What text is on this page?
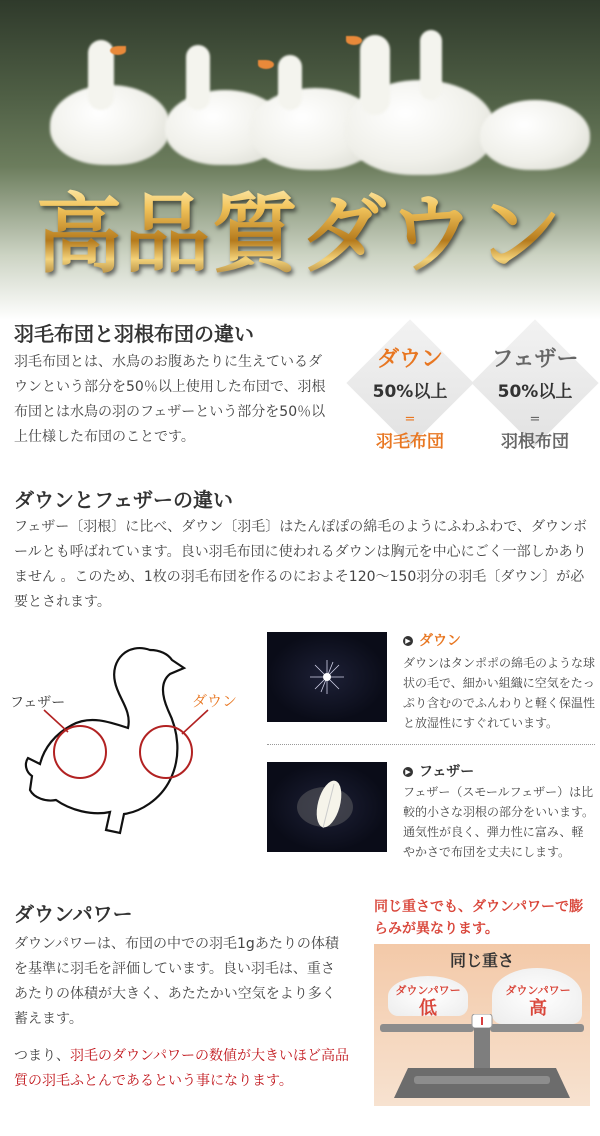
高品質ダウン
羽毛布団と羽根布団の違い
羽毛布団とは、水鳥のお腹あたりに生えているダウンという部分を50％以上使用した布団で、羽根布団とは水鳥の羽のフェザーという部分を50％以上仕様した布団のことです。
ダウン
50%以上
=
羽毛布団
フェザー
50%以上
=
羽根布団
ダウンとフェザーの違い
フェザー〔羽根〕に比べ、ダウン〔羽毛〕はたんぽぽの綿毛のようにふわふわで、ダウンボールとも呼ばれています。良い羽毛布団に使われるダウンは胸元を中心にごく一部しかありません 。このため、1枚の羽毛布団を作るのにおよそ120～150羽分の羽毛〔ダウン〕が必要とされます。
フェザー	ダウン
▶ ダウン
ダウンはタンポポの綿毛のような球状の毛で、細かい組織に空気をたっぷり含むのでふんわりと軽く保温性と放湿性にすぐれています。
▶ フェザー
フェザー（スモールフェザー）は比較的小さな羽根の部分をいいます。通気性が良く、弾力性に富み、軽やかさで布団を丈夫にします。
ダウンパワー
ダウンパワーは、布団の中での羽毛1gあたりの体積を基準に羽毛を評価しています。良い羽毛は、重さあたりの体積が大きく、あたたかい空気をより多く蓄えます。
つまり、羽毛のダウンパワーの数値が大きいほど高品質の羽毛ふとんであるという事になります。
同じ重さでも、ダウンパワーで膨らみが異なります。
同じ重さ
ダウンパワー
低
ダウンパワー
高
